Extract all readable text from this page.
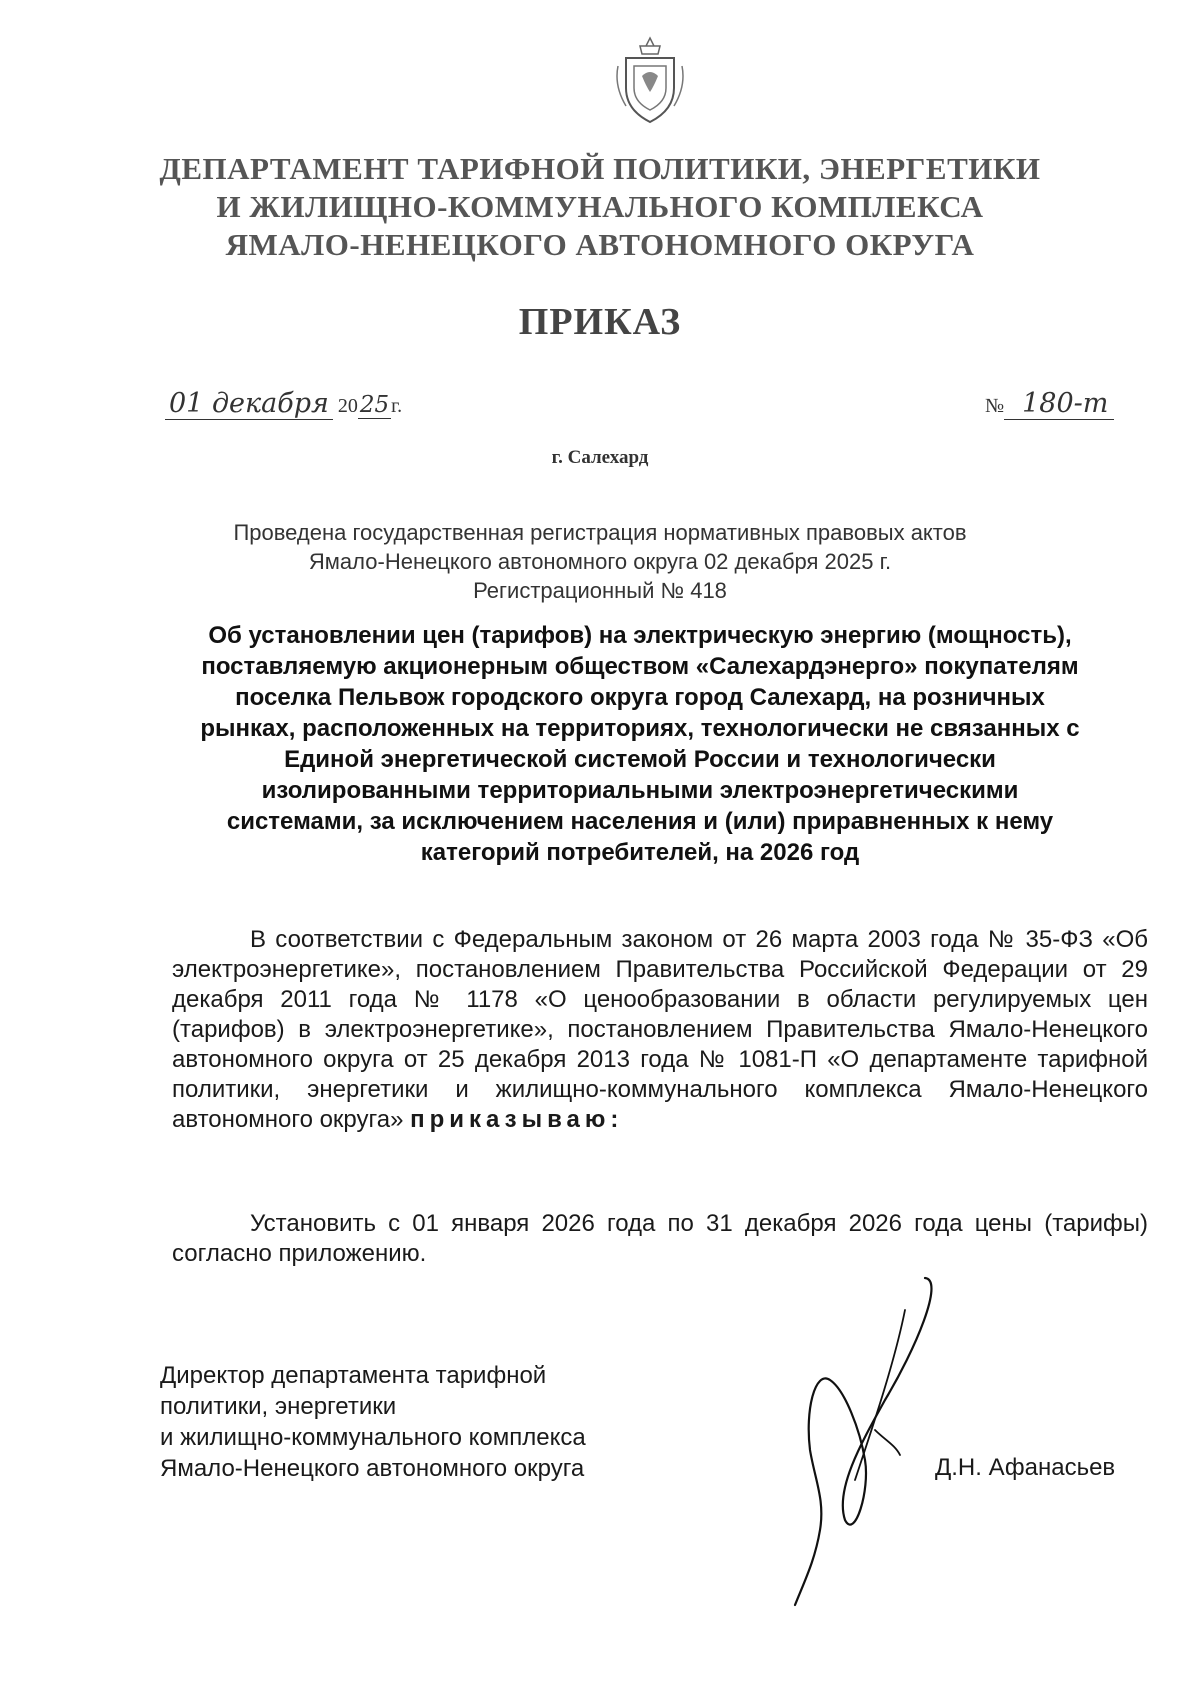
ДЕПАРТАМЕНТ ТАРИФНОЙ ПОЛИТИКИ, ЭНЕРГЕТИКИ
И ЖИЛИЩНО-КОММУНАЛЬНОГО КОМПЛЕКСА
ЯМАЛО-НЕНЕЦКОГО АВТОНОМНОГО ОКРУГА
ПРИКАЗ
01 декабря 2025 г.	№ 180-т
г. Салехард
Проведена государственная регистрация нормативных правовых актов
Ямало-Ненецкого автономного округа 02 декабря 2025 г.
Регистрационный № 418
Об установлении цен (тарифов) на электрическую энергию (мощность), поставляемую акционерным обществом «Салехардэнерго» покупателям поселка Пельвож городского округа город Салехард, на розничных рынках, расположенных на территориях, технологически не связанных с Единой энергетической системой России и технологически изолированными территориальными электроэнергетическими системами, за исключением населения и (или) приравненных к нему категорий потребителей, на 2026 год
В соответствии с Федеральным законом от 26 марта 2003 года № 35-ФЗ «Об электроэнергетике», постановлением Правительства Российской Федерации от 29 декабря 2011 года № 1178 «О ценообразовании в области регулируемых цен (тарифов) в электроэнергетике», постановлением Правительства Ямало-Ненецкого автономного округа от 25 декабря 2013 года № 1081-П «О департаменте тарифной политики, энергетики и жилищно-коммунального комплекса Ямало-Ненецкого автономного округа» приказываю:
Установить с 01 января 2026 года по 31 декабря 2026 года цены (тарифы) согласно приложению.
Директор департамента тарифной
политики, энергетики
и жилищно-коммунального комплекса
Ямало-Ненецкого автономного округа	Д.Н. Афанасьев
